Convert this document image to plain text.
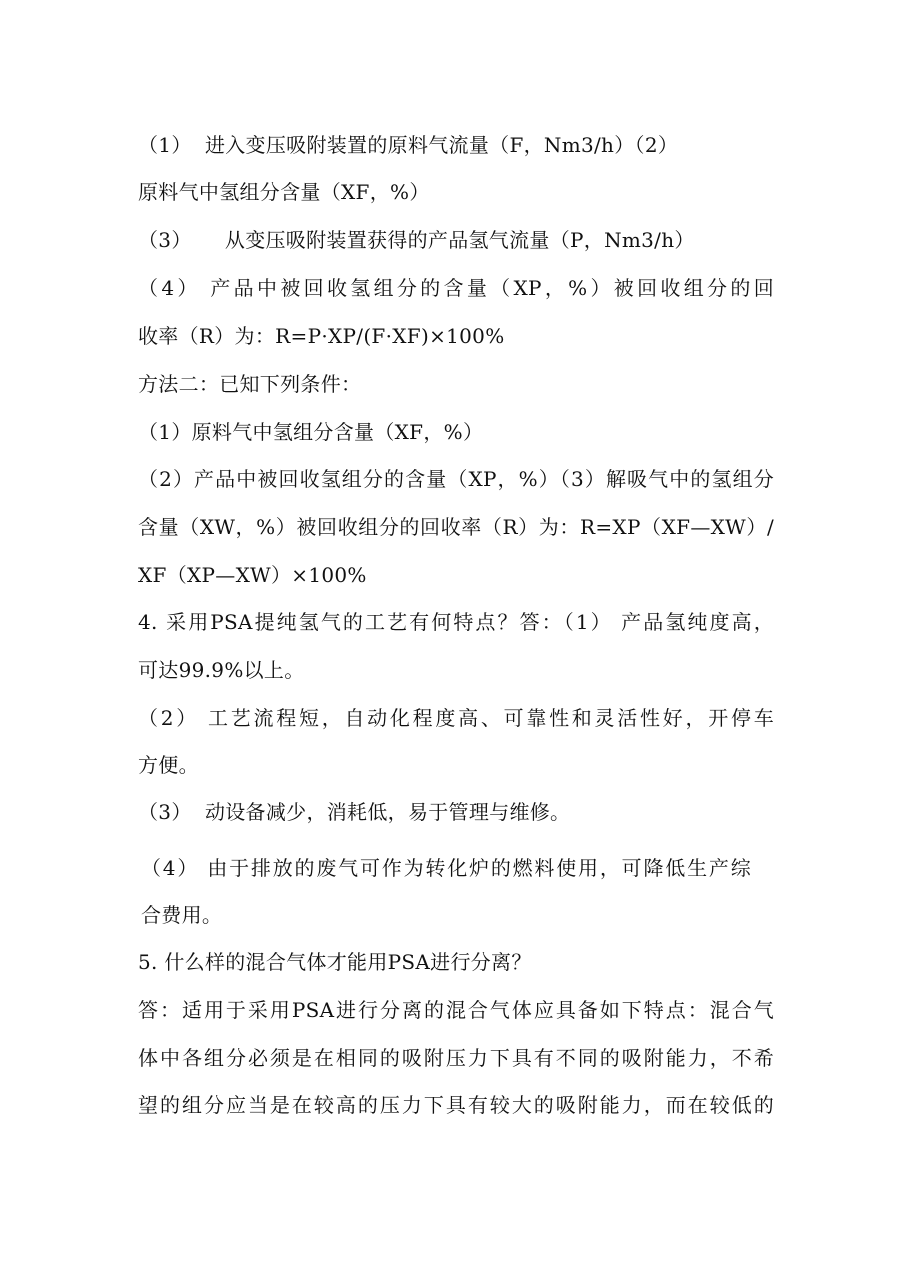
（1）  进入变压吸附装置的原料气流量（F，Nm3/h）（2）
原料气中氢组分含量（XF，%）
（3）     从变压吸附装置获得的产品氢气流量（P，Nm3/h）
（4） 产品中被回收氢组分的含量（XP，%）被回收组分的回
收率（R）为：R=P·XP/(F·XF)×100%
方法二：已知下列条件：
（1）原料气中氢组分含量（XF，%）
（2）产品中被回收氢组分的含量（XP，%）（3）解吸气中的氢组分
含量（XW，%）被回收组分的回收率（R）为：R=XP（XF—XW）/
XF（XP—XW）×100%
4. 采用PSA提纯氢气的工艺有何特点？答：（1） 产品氢纯度高，
可达99.9%以上。
（2） 工艺流程短，自动化程度高、可靠性和灵活性好，开停车
方便。
（3）  动设备减少，消耗低，易于管理与维修。
（4） 由于排放的废气可作为转化炉的燃料使用，可降低生产综
合费用。
5. 什么样的混合气体才能用PSA进行分离？
答：适用于采用PSA进行分离的混合气体应具备如下特点：混合气
体中各组分必须是在相同的吸附压力下具有不同的吸附能力，不希
望的组分应当是在较高的压力下具有较大的吸附能力，而在较低的
